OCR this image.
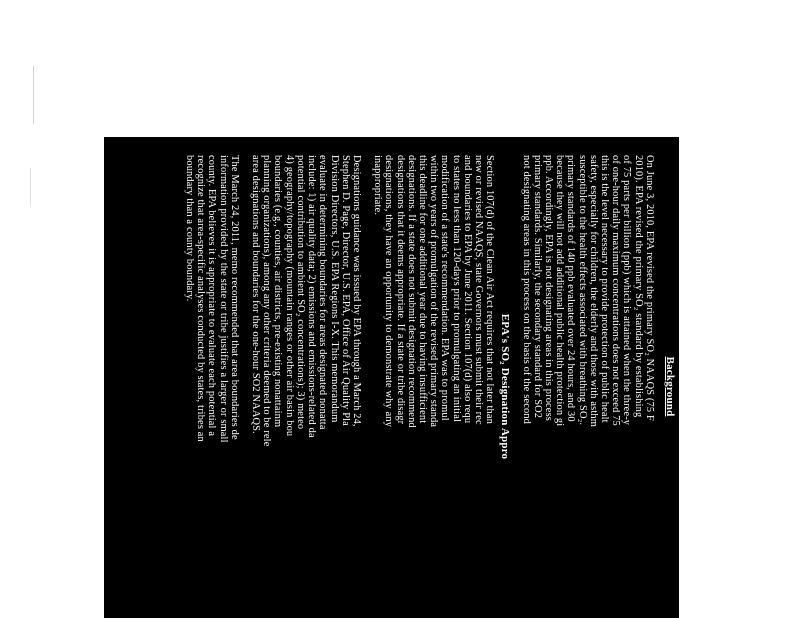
Background
On June 3, 2010, EPA revised the primary SO₂ NAAQS (75 F
2010). EPA revised the primary SO₂ standard by establishing
of 75 parts per billion (ppb) which is attained when the three-y
of one-hour daily maximum concentrations does not exceed 75
this is the level necessary to provide protection of public healt
safety, especially for children, the elderly and those with asthm
susceptible to the health effects associated with breathing SO₂.
primary standards of 140 ppb evaluated over 24 hours, and 30
because they will not add additional public health protection gi
ppb. Accordingly, EPA is not designating areas in this process
primary standards. Similarly, the secondary standard for SO2
not designating areas in this process on the basis of the second
EPA's SO₂ Designation Appro
Section 107(d) of the Clean Air Act requires that not later than
new or revised NAAQS, state Governors must submit their rec
and boundaries to EPA by June 2011. Section 107(d) also requ
to states no less than 120-days prior to promulgating an initial
modification of a state's recommendation. EPA was to promul
within two years of promulgation of the revised primary standa
this deadline for one additional year due to having insufficient
designations. If a state does not submit designation recommend
designations that it deems appropriate. If a state or tribe disagr
designations, they have an opportunity to demonstrate why any
inappropriate.
Designations guidance was issued by EPA through a March 24,
Stephen D. Page, Director, U.S. EPA, Office of Air Quality Pla
Division Directors, U.S. EPA Regions I-X. This memorandum
evaluate in determining boundaries for areas designated nonatta
include: 1) air quality data; 2) emissions and emissions-related da
potential contribution to ambient SO₂ concentrations); 3) meteo
4) geography/topography (mountain ranges or other air basin bou
boundaries (e.g., counties, air districts, pre-existing nonattainm
planning organizations), among any other criteria deemed to be rele
area designations and boundaries for the one-hour SO2 NAAQS.
The March 24, 2011, memo recommended that area boundaries de
information provided by the state or tribe justifies a larger or small
county. EPA believes it is appropriate to evaluate each potential a
recognize that area-specific analyses conducted by states, tribes an
boundary than a county boundary.
